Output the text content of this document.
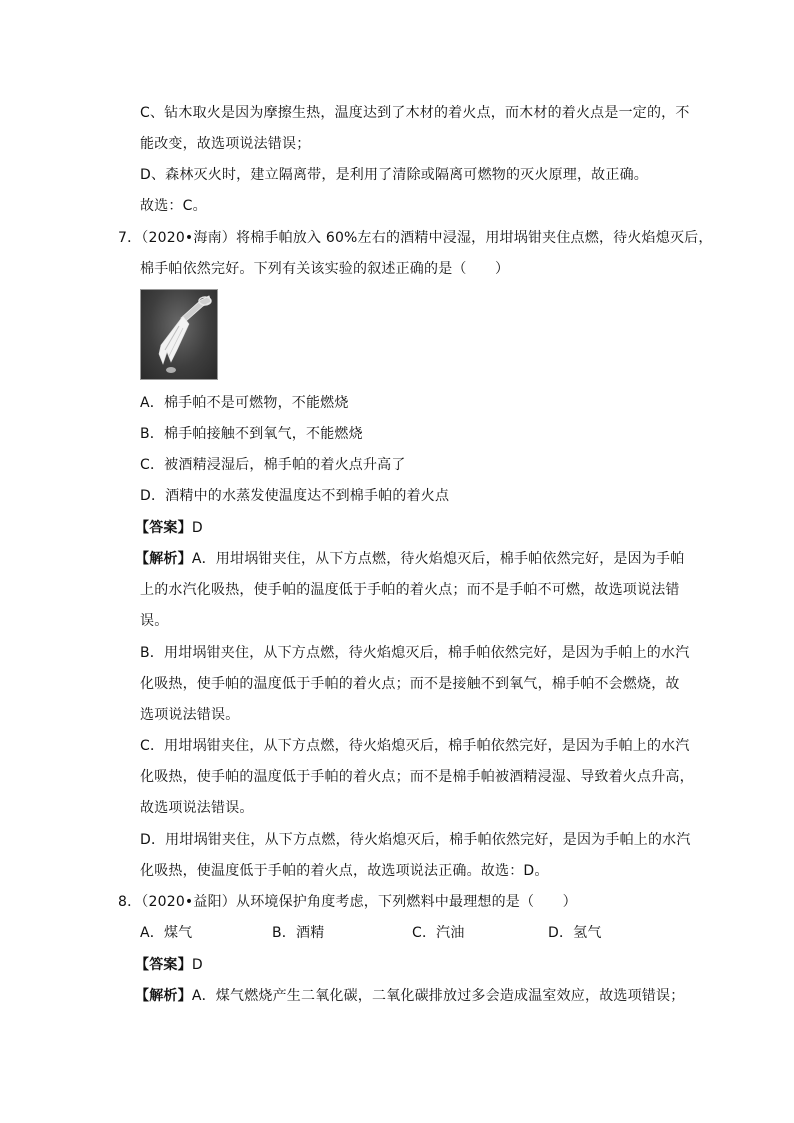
C、钻木取火是因为摩擦生热，温度达到了木材的着火点，而木材的着火点是一定的，不
能改变，故选项说法错误；
D、森林灭火时，建立隔离带，是利用了清除或隔离可燃物的灭火原理，故正确。
故选：C。
7．（2020•海南）将棉手帕放入 60%左右的酒精中浸湿，用坩埚钳夹住点燃，待火焰熄灭后，
棉手帕依然完好。下列有关该实验的叙述正确的是（　　）
A．棉手帕不是可燃物，不能燃烧
B．棉手帕接触不到氧气，不能燃烧
C．被酒精浸湿后，棉手帕的着火点升高了
D．酒精中的水蒸发使温度达不到棉手帕的着火点
【答案】D
【解析】A．用坩埚钳夹住，从下方点燃，待火焰熄灭后，棉手帕依然完好，是因为手帕
上的水汽化吸热，使手帕的温度低于手帕的着火点；而不是手帕不可燃，故选项说法错
误。
B．用坩埚钳夹住，从下方点燃，待火焰熄灭后，棉手帕依然完好，是因为手帕上的水汽
化吸热，使手帕的温度低于手帕的着火点；而不是接触不到氧气，棉手帕不会燃烧，故
选项说法错误。
C．用坩埚钳夹住，从下方点燃，待火焰熄灭后，棉手帕依然完好，是因为手帕上的水汽
化吸热，使手帕的温度低于手帕的着火点；而不是棉手帕被酒精浸湿、导致着火点升高，
故选项说法错误。
D．用坩埚钳夹住，从下方点燃，待火焰熄灭后，棉手帕依然完好，是因为手帕上的水汽
化吸热，使温度低于手帕的着火点，故选项说法正确。故选：D。
8．（2020•益阳）从环境保护角度考虑，下列燃料中最理想的是（　　）
A．煤气	B．酒精	C．汽油	D．氢气
【答案】D
【解析】A．煤气燃烧产生二氧化碳，二氧化碳排放过多会造成温室效应，故选项错误；
